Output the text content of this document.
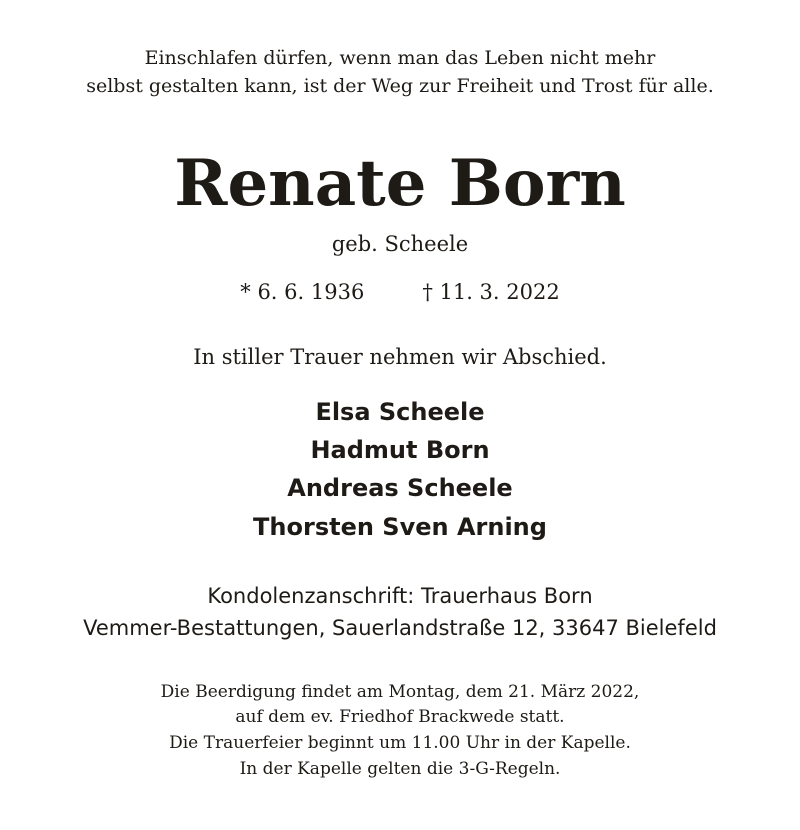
Einschlafen dürfen, wenn man das Leben nicht mehr
selbst gestalten kann, ist der Weg zur Freiheit und Trost für alle.
Renate Born
geb. Scheele
* 6. 6. 1936	† 11. 3. 2022
In stiller Trauer nehmen wir Abschied.
Elsa Scheele
Hadmut Born
Andreas Scheele
Thorsten Sven Arning
Kondolenzanschrift: Trauerhaus Born
Vemmer-Bestattungen, Sauerlandstraße 12, 33647 Bielefeld
Die Beerdigung findet am Montag, dem 21. März 2022,
auf dem ev. Friedhof Brackwede statt.
Die Trauerfeier beginnt um 11.00 Uhr in der Kapelle.
In der Kapelle gelten die 3-G-Regeln.
